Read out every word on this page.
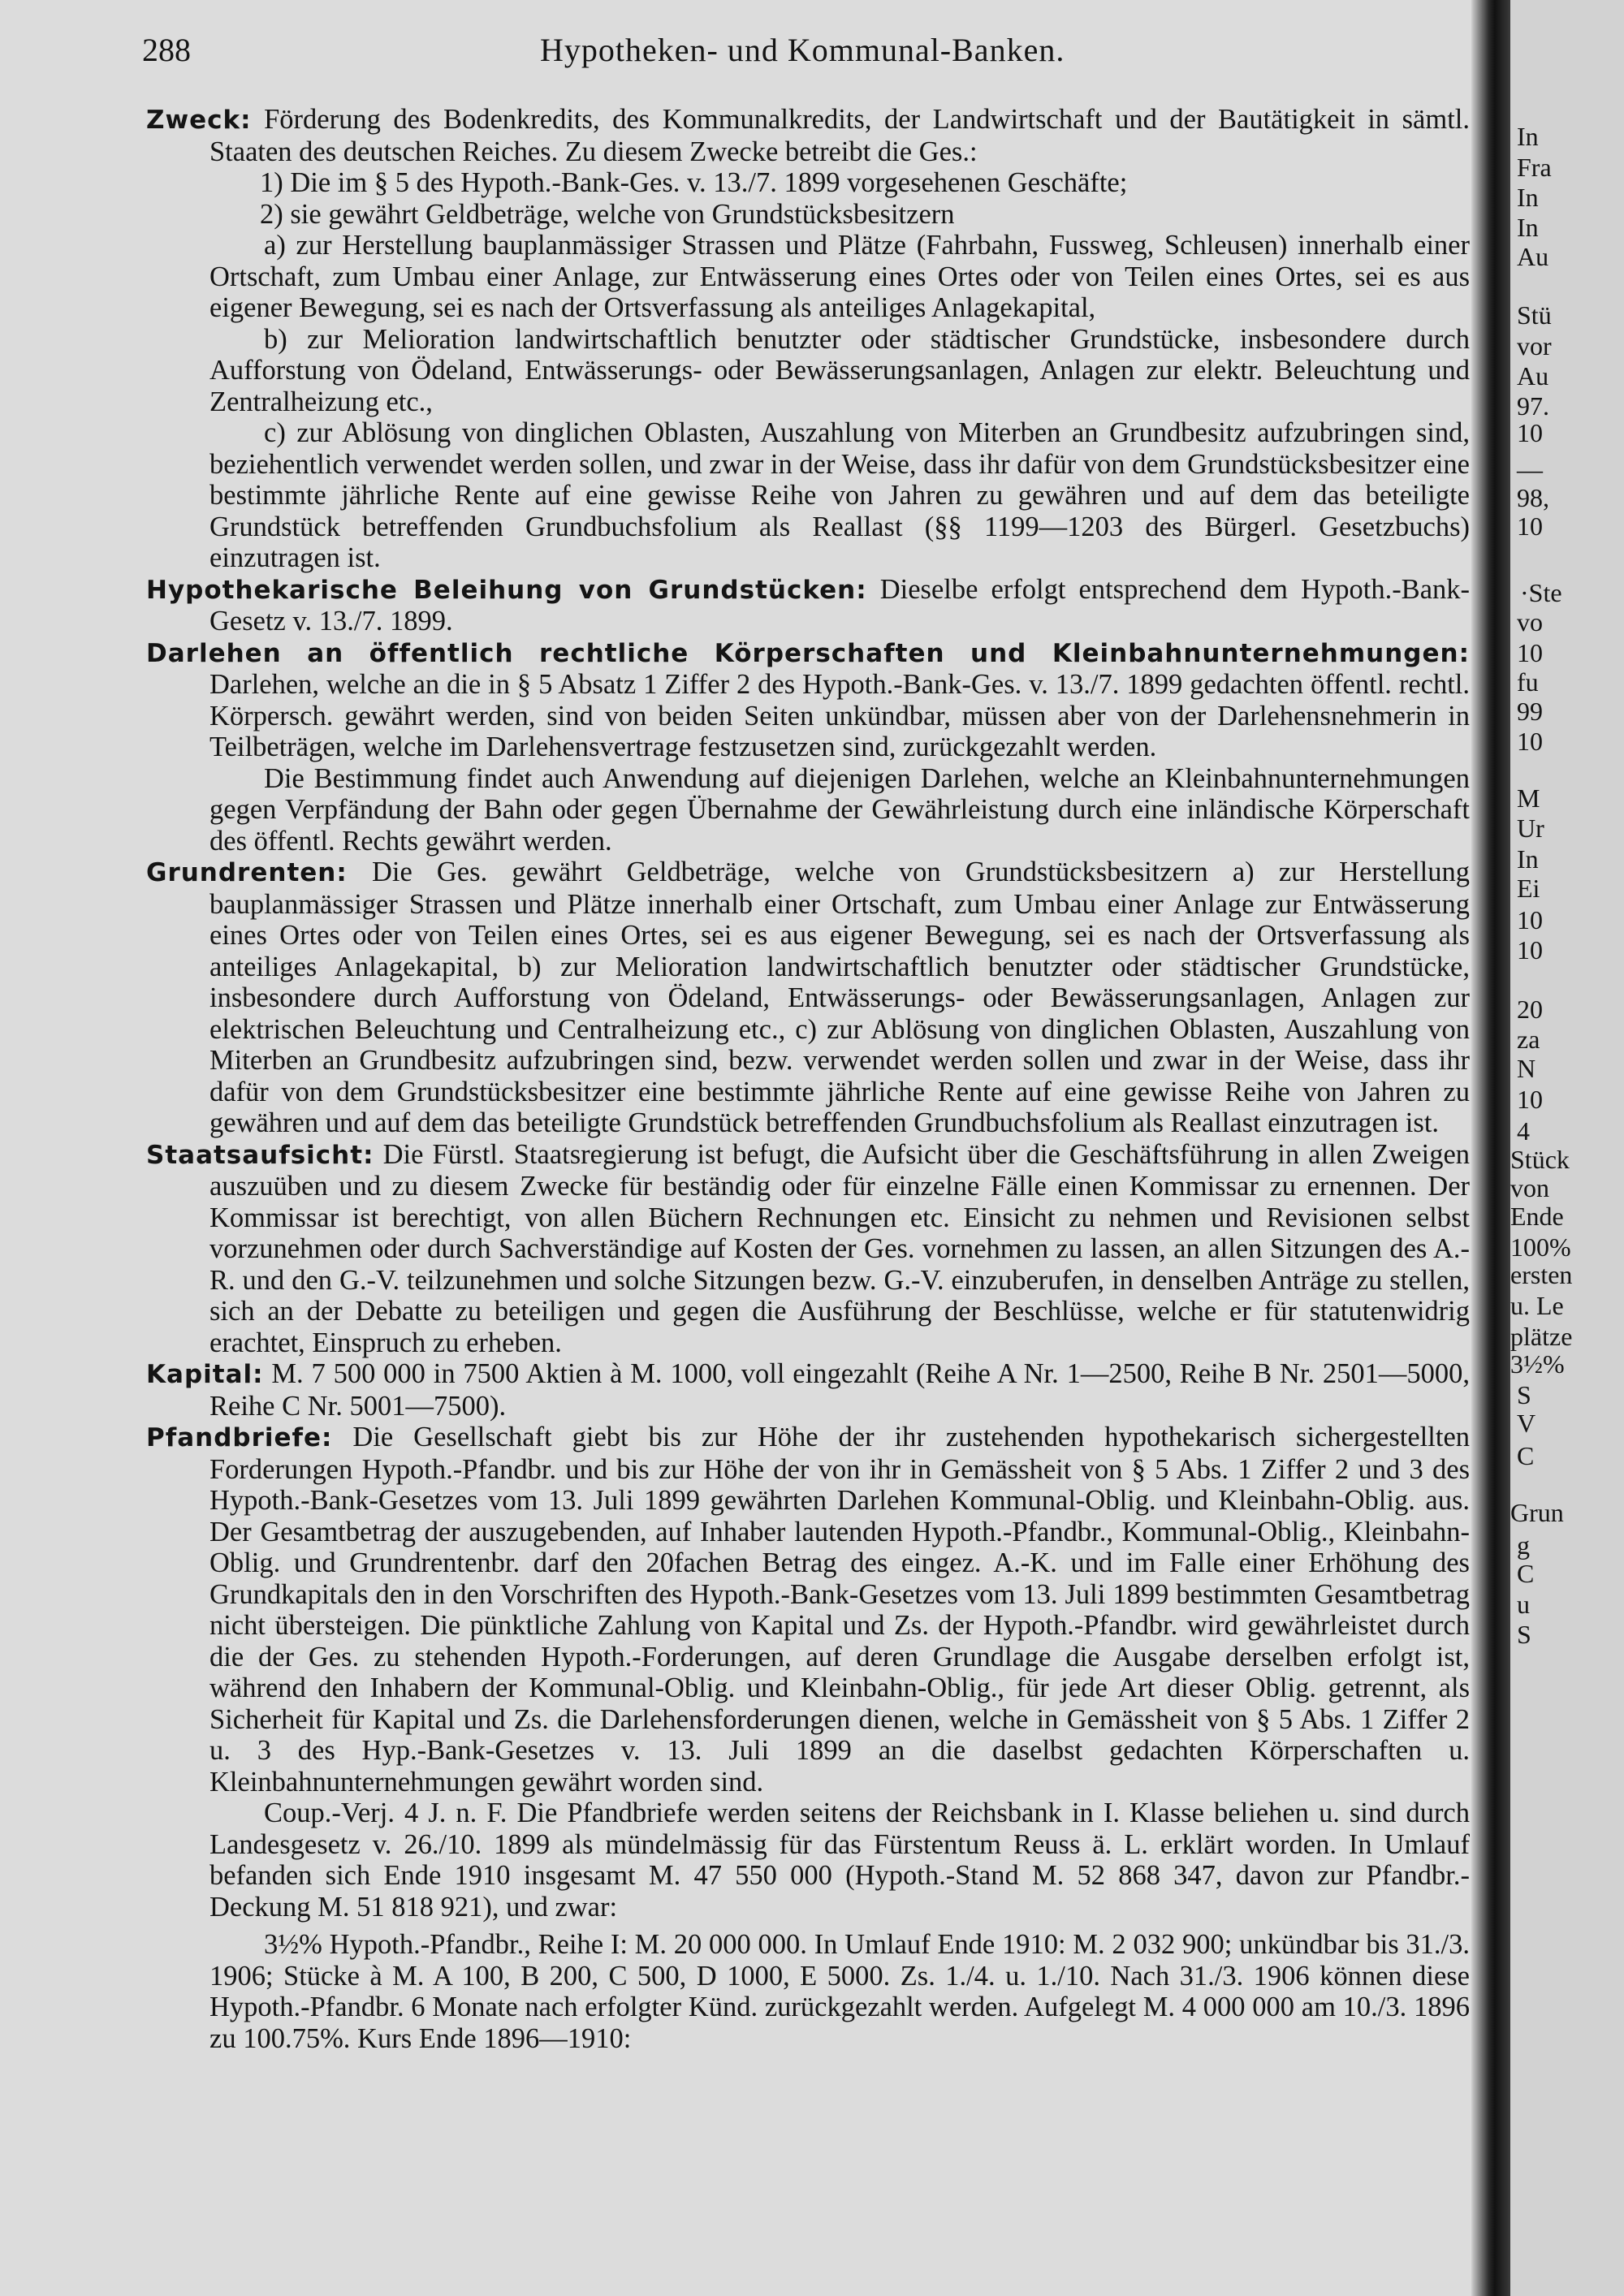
288	Hypotheken- und Kommunal-Banken.

Zweck: Förderung des Bodenkredits, des Kommunalkredits, der Landwirtschaft und der Bautätigkeit in sämtl. Staaten des deutschen Reiches. Zu diesem Zwecke betreibt die Ges.:

1) Die im § 5 des Hypoth.-Bank-Ges. v. 13./7. 1899 vorgesehenen Geschäfte;

2) sie gewährt Geldbeträge, welche von Grundstücksbesitzern

a) zur Herstellung bauplanmässiger Strassen und Plätze (Fahrbahn, Fussweg, Schleusen) innerhalb einer Ortschaft, zum Umbau einer Anlage, zur Entwässerung eines Ortes oder von Teilen eines Ortes, sei es aus eigener Bewegung, sei es nach der Ortsverfassung als anteiliges Anlagekapital,

b) zur Melioration landwirtschaftlich benutzter oder städtischer Grundstücke, insbesondere durch Aufforstung von Ödeland, Entwässerungs- oder Bewässerungsanlagen, Anlagen zur elektr. Beleuchtung und Zentralheizung etc.,

c) zur Ablösung von dinglichen Oblasten, Auszahlung von Miterben an Grundbesitz aufzubringen sind, beziehentlich verwendet werden sollen, und zwar in der Weise, dass ihr dafür von dem Grundstücksbesitzer eine bestimmte jährliche Rente auf eine gewisse Reihe von Jahren zu gewähren und auf dem das beteiligte Grundstück betreffenden Grundbuchsfolium als Reallast (§§ 1199—1203 des Bürgerl. Gesetzbuchs) einzutragen ist.

Hypothekarische Beleihung von Grundstücken: Dieselbe erfolgt entsprechend dem Hypoth.-Bank-Gesetz v. 13./7. 1899.

Darlehen an öffentlich rechtliche Körperschaften und Kleinbahnunternehmungen: Darlehen, welche an die in § 5 Absatz 1 Ziffer 2 des Hypoth.-Bank-Ges. v. 13./7. 1899 gedachten öffentl. rechtl. Körpersch. gewährt werden, sind von beiden Seiten unkündbar, müssen aber von der Darlehensnehmerin in Teilbeträgen, welche im Darlehensvertrage festzusetzen sind, zurückgezahlt werden.

Die Bestimmung findet auch Anwendung auf diejenigen Darlehen, welche an Kleinbahnunternehmungen gegen Verpfändung der Bahn oder gegen Übernahme der Gewährleistung durch eine inländische Körperschaft des öffentl. Rechts gewährt werden.

Grundrenten: Die Ges. gewährt Geldbeträge, welche von Grundstücksbesitzern a) zur Herstellung bauplanmässiger Strassen und Plätze innerhalb einer Ortschaft, zum Umbau einer Anlage zur Entwässerung eines Ortes oder von Teilen eines Ortes, sei es aus eigener Bewegung, sei es nach der Ortsverfassung als anteiliges Anlagekapital, b) zur Melioration landwirtschaftlich benutzter oder städtischer Grundstücke, insbesondere durch Aufforstung von Ödeland, Entwässerungs- oder Bewässerungsanlagen, Anlagen zur elektrischen Beleuchtung und Centralheizung etc., c) zur Ablösung von dinglichen Oblasten, Auszahlung von Miterben an Grundbesitz aufzubringen sind, bezw. verwendet werden sollen und zwar in der Weise, dass ihr dafür von dem Grundstücksbesitzer eine bestimmte jährliche Rente auf eine gewisse Reihe von Jahren zu gewähren und auf dem das beteiligte Grundstück betreffenden Grundbuchsfolium als Reallast einzutragen ist.

Staatsaufsicht: Die Fürstl. Staatsregierung ist befugt, die Aufsicht über die Geschäftsführung in allen Zweigen auszuüben und zu diesem Zwecke für beständig oder für einzelne Fälle einen Kommissar zu ernennen. Der Kommissar ist berechtigt, von allen Büchern Rechnungen etc. Einsicht zu nehmen und Revisionen selbst vorzunehmen oder durch Sachverständige auf Kosten der Ges. vornehmen zu lassen, an allen Sitzungen des A.-R. und den G.-V. teilzunehmen und solche Sitzungen bezw. G.-V. einzuberufen, in denselben Anträge zu stellen, sich an der Debatte zu beteiligen und gegen die Ausführung der Beschlüsse, welche er für statutenwidrig erachtet, Einspruch zu erheben.

Kapital: M. 7 500 000 in 7500 Aktien à M. 1000, voll eingezahlt (Reihe A Nr. 1—2500, Reihe B Nr. 2501—5000, Reihe C Nr. 5001—7500).

Pfandbriefe: Die Gesellschaft giebt bis zur Höhe der ihr zustehenden hypothekarisch sichergestellten Forderungen Hypoth.-Pfandbr. und bis zur Höhe der von ihr in Gemässheit von § 5 Abs. 1 Ziffer 2 und 3 des Hypoth.-Bank-Gesetzes vom 13. Juli 1899 gewährten Darlehen Kommunal-Oblig. und Kleinbahn-Oblig. aus. Der Gesamtbetrag der auszugebenden, auf Inhaber lautenden Hypoth.-Pfandbr., Kommunal-Oblig., Kleinbahn-Oblig. und Grundrentenbr. darf den 20fachen Betrag des eingez. A.-K. und im Falle einer Erhöhung des Grundkapitals den in den Vorschriften des Hypoth.-Bank-Gesetzes vom 13. Juli 1899 bestimmten Gesamtbetrag nicht übersteigen. Die pünktliche Zahlung von Kapital und Zs. der Hypoth.-Pfandbr. wird gewährleistet durch die der Ges. zu stehenden Hypoth.-Forderungen, auf deren Grundlage die Ausgabe derselben erfolgt ist, während den Inhabern der Kommunal-Oblig. und Kleinbahn-Oblig., für jede Art dieser Oblig. getrennt, als Sicherheit für Kapital und Zs. die Darlehensforderungen dienen, welche in Gemässheit von § 5 Abs. 1 Ziffer 2 u. 3 des Hyp.-Bank-Gesetzes v. 13. Juli 1899 an die daselbst gedachten Körperschaften u. Kleinbahnunternehmungen gewährt worden sind.

Coup.-Verj. 4 J. n. F. Die Pfandbriefe werden seitens der Reichsbank in I. Klasse beliehen u. sind durch Landesgesetz v. 26./10. 1899 als mündelmässig für das Fürstentum Reuss ä. L. erklärt worden. In Umlauf befanden sich Ende 1910 insgesamt M. 47 550 000 (Hypoth.-Stand M. 52 868 347, davon zur Pfandbr.-Deckung M. 51 818 921), und zwar:

3½% Hypoth.-Pfandbr., Reihe I: M. 20 000 000. In Umlauf Ende 1910: M. 2 032 900; unkündbar bis 31./3. 1906; Stücke à M. A 100, B 200, C 500, D 1000, E 5000. Zs. 1./4. u. 1./10. Nach 31./3. 1906 können diese Hypoth.-Pfandbr. 6 Monate nach erfolgter Künd. zurückgezahlt werden. Aufgelegt M. 4 000 000 am 10./3. 1896 zu 100.75%. Kurs Ende 1896—1910:

In
Fra
In
In
Au
Stü
vor
Au
97.
10
—
98,
10
·Ste
vo
10
fu
99
10
M
Ur
In
Ei
10
10
20
za
N
10
4
Stück
von
Ende
100%
ersten
u. Le
plätze
3½%
S
V
C
Grun
g
C
u
S
